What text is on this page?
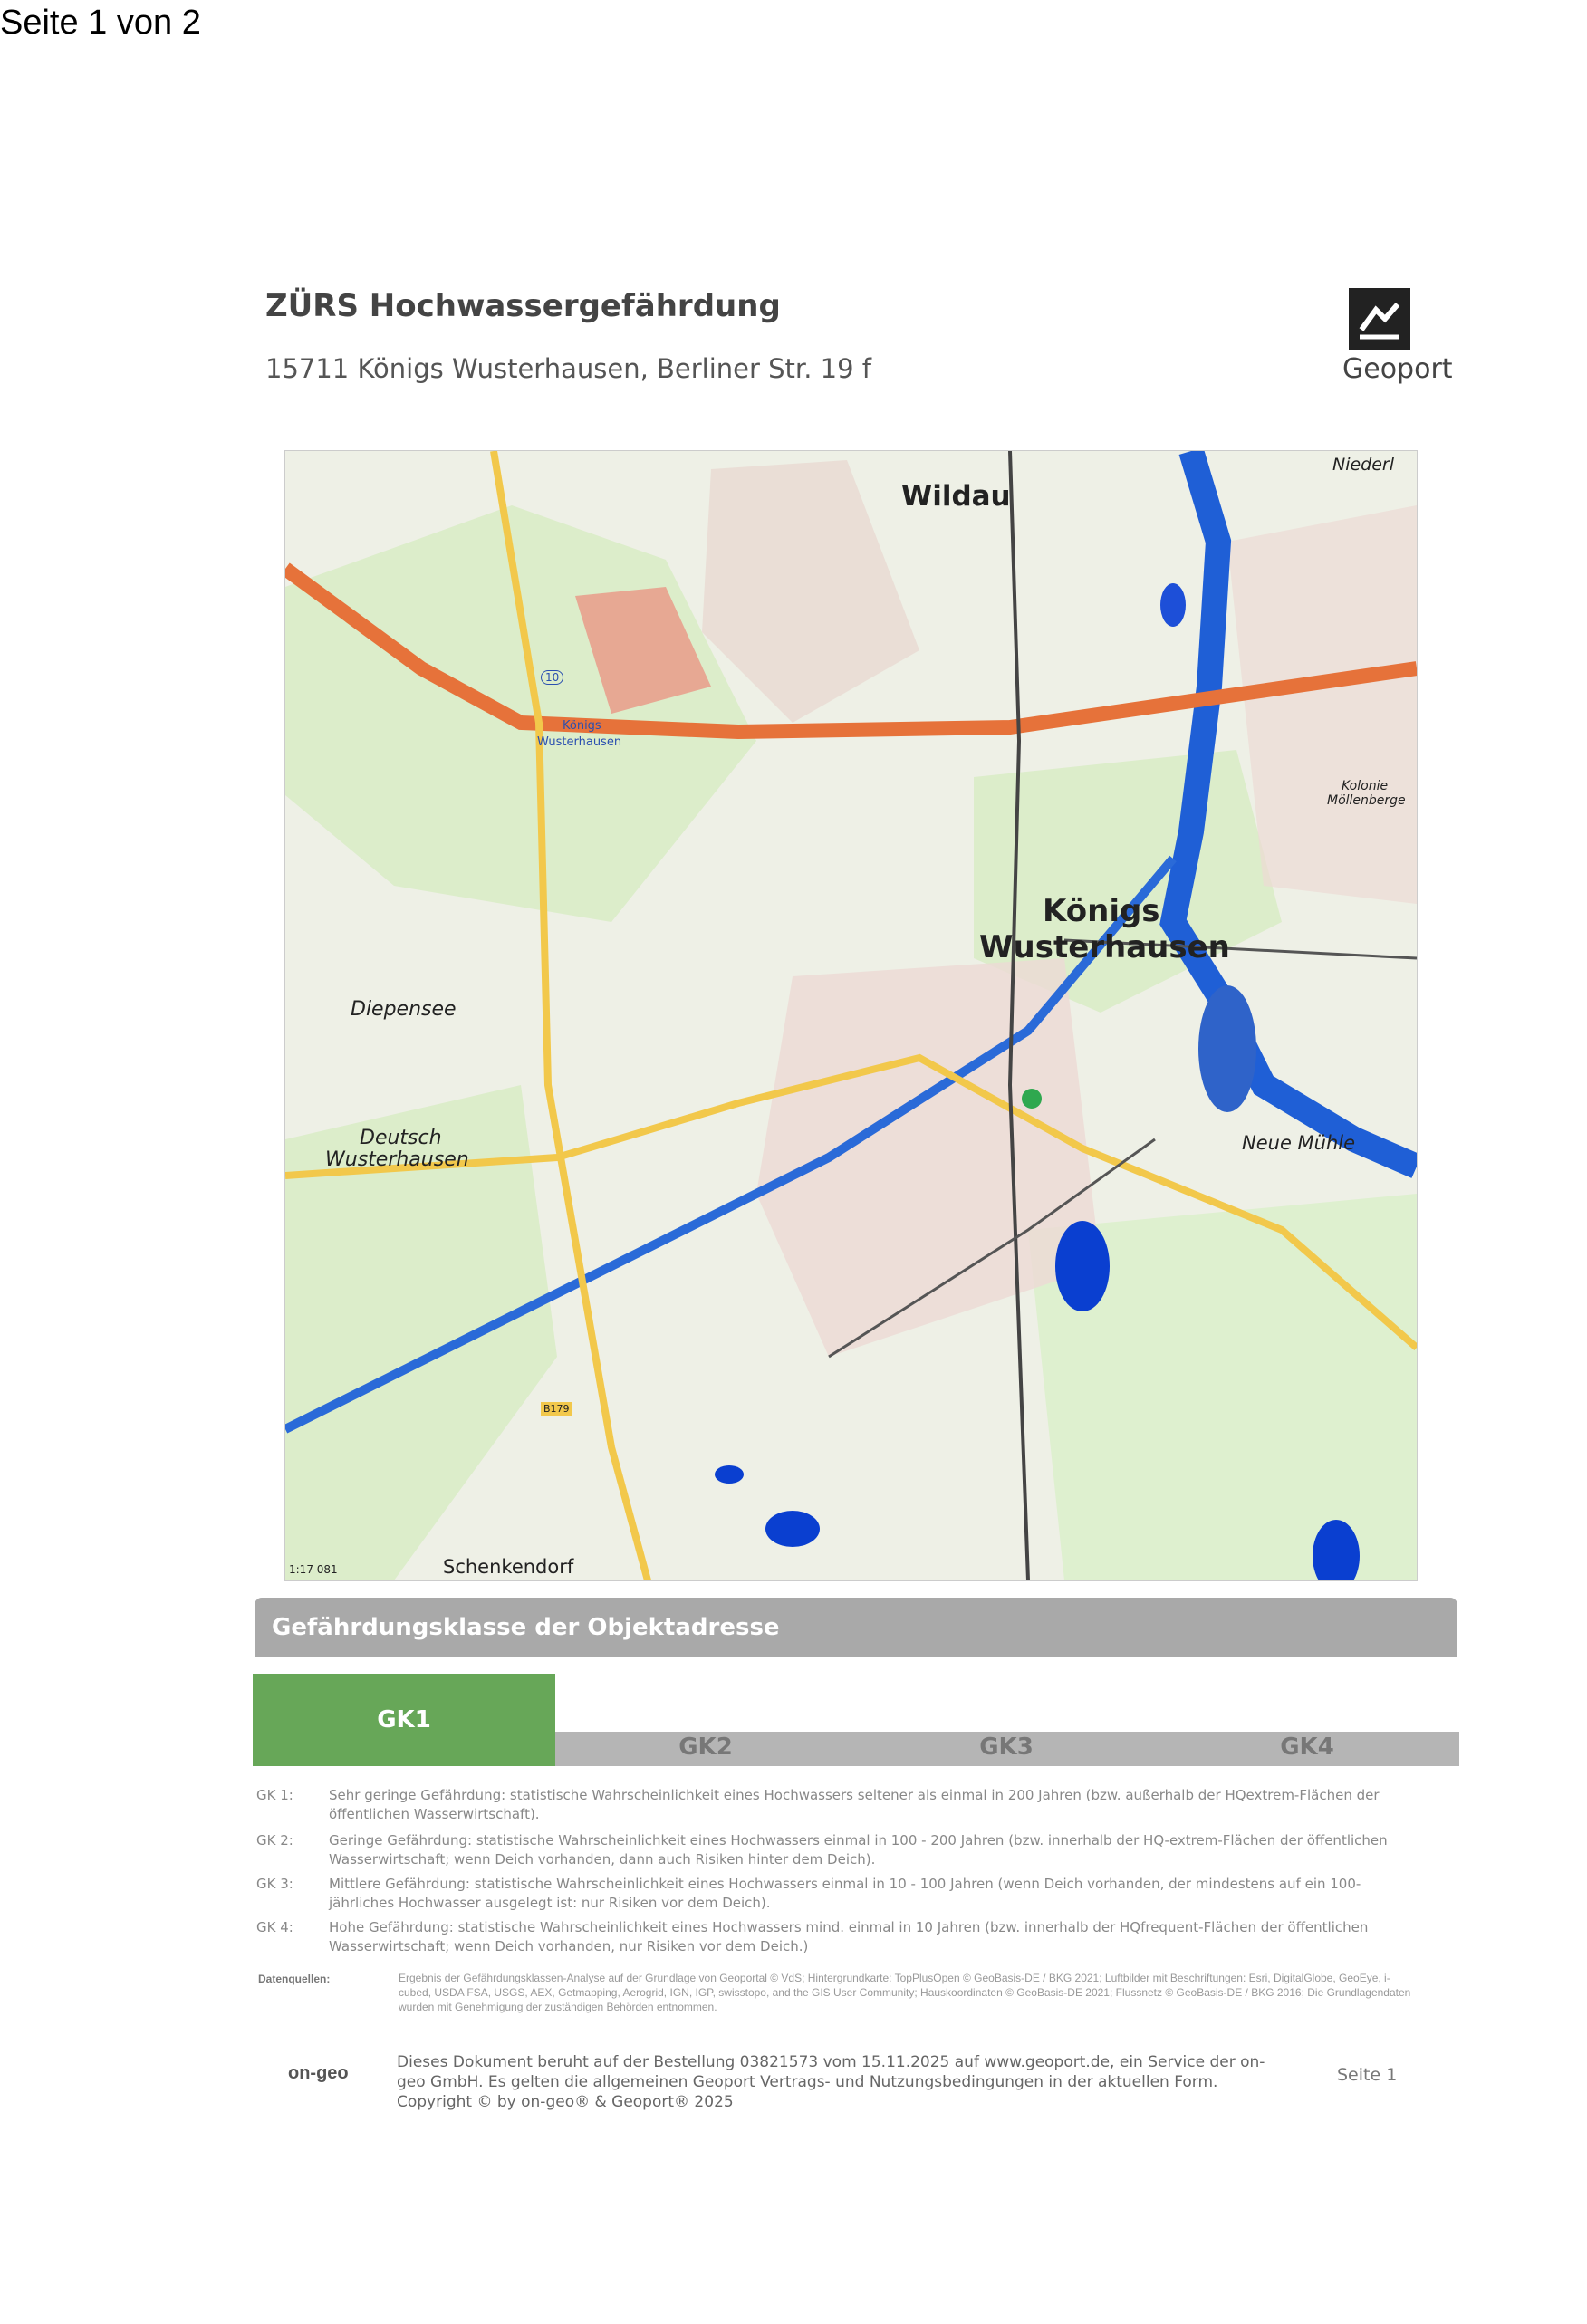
Seite 1 von 2
ZÜRS Hochwassergefährdung
15711 Königs Wusterhausen, Berliner Str. 19 f	Geoport
Wildau
Königs
Wusterhausen
Diepensee
Deutsch
Wusterhausen
Neue Mühle
Schenkendorf
Niederl
Kolonie
Möllenberge
Königs
Wusterhausen
B179
10
1:17 081
Gefährdungsklasse der Objektadresse
GK1
GK2	GK3	GK4
GK 1:	Sehr geringe Gefährdung: statistische Wahrscheinlichkeit eines Hochwassers seltener als einmal in 200 Jahren (bzw. außerhalb der HQextrem-Flächen der öffentlichen Wasserwirtschaft).
GK 2:	Geringe Gefährdung: statistische Wahrscheinlichkeit eines Hochwassers einmal in 100 - 200 Jahren (bzw. innerhalb der HQ-extrem-Flächen der öffentlichen Wasserwirtschaft; wenn Deich vorhanden, dann auch Risiken hinter dem Deich).
GK 3:	Mittlere Gefährdung: statistische Wahrscheinlichkeit eines Hochwassers einmal in 10 - 100 Jahren (wenn Deich vorhanden, der mindestens auf ein 100-jährliches Hochwasser ausgelegt ist: nur Risiken vor dem Deich).
GK 4:	Hohe Gefährdung: statistische Wahrscheinlichkeit eines Hochwassers mind. einmal in 10 Jahren (bzw. innerhalb der HQfrequent-Flächen der öffentlichen Wasserwirtschaft; wenn Deich vorhanden, nur Risiken vor dem Deich.)
Datenquellen:	Ergebnis der Gefährdungsklassen-Analyse auf der Grundlage von Geoportal © VdS; Hintergrundkarte: TopPlusOpen © GeoBasis-DE / BKG 2021; Luftbilder mit Beschriftungen: Esri, DigitalGlobe, GeoEye, i-cubed, USDA FSA, USGS, AEX, Getmapping, Aerogrid, IGN, IGP, swisstopo, and the GIS User Community; Hauskoordinaten © GeoBasis-DE 2021; Flussnetz © GeoBasis-DE / BKG 2016; Die Grundlagendaten wurden mit Genehmigung der zuständigen Behörden entnommen.
on-geo
Dieses Dokument beruht auf der Bestellung 03821573 vom 15.11.2025 auf www.geoport.de, ein Service der on-geo GmbH. Es gelten die allgemeinen Geoport Vertrags- und Nutzungsbedingungen in der aktuellen Form. Copyright © by on-geo® & Geoport® 2025
Seite 1
